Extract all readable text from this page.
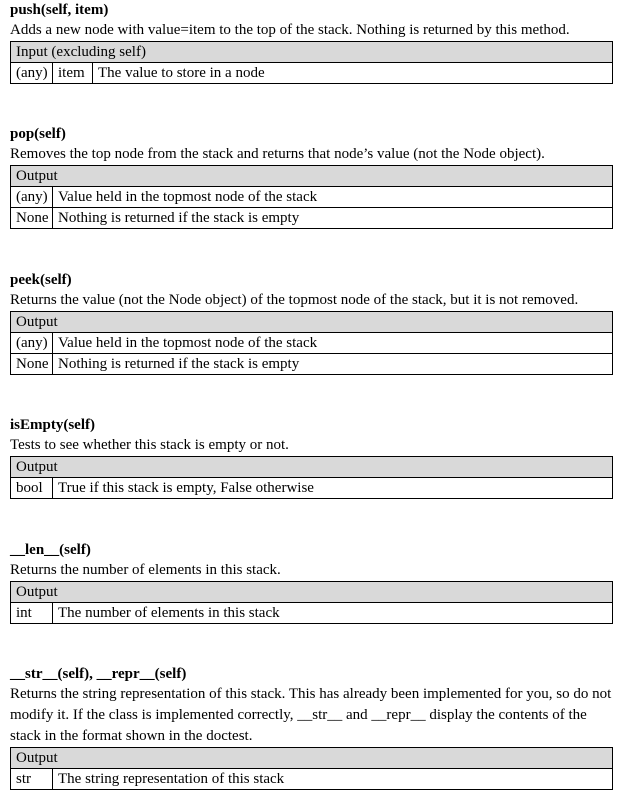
push(self, item)
Adds a new node with value=item to the top of the stack. Nothing is returned by this method.
Input (excluding self)
(any)	item	The value to store in a node
pop(self)
Removes the top node from the stack and returns that node’s value (not the Node object).
Output	
(any)	Value held in the topmost node of the stack
None	Nothing is returned if the stack is empty
peek(self)
Returns the value (not the Node object) of the topmost node of the stack, but it is not removed.
Output	
(any)	Value held in the topmost node of the stack
None	Nothing is returned if the stack is empty
isEmpty(self)
Tests to see whether this stack is empty or not.
Output
bool	True if this stack is empty, False otherwise
__len__(self)
Returns the number of elements in this stack.
Output
int	The number of elements in this stack
__str__(self), __repr__(self)
Returns the string representation of this stack. This has already been implemented for you, so do not modify it. If the class is implemented correctly, __str__ and __repr__ display the contents of the stack in the format shown in the doctest.
Output
str	The string representation of this stack
